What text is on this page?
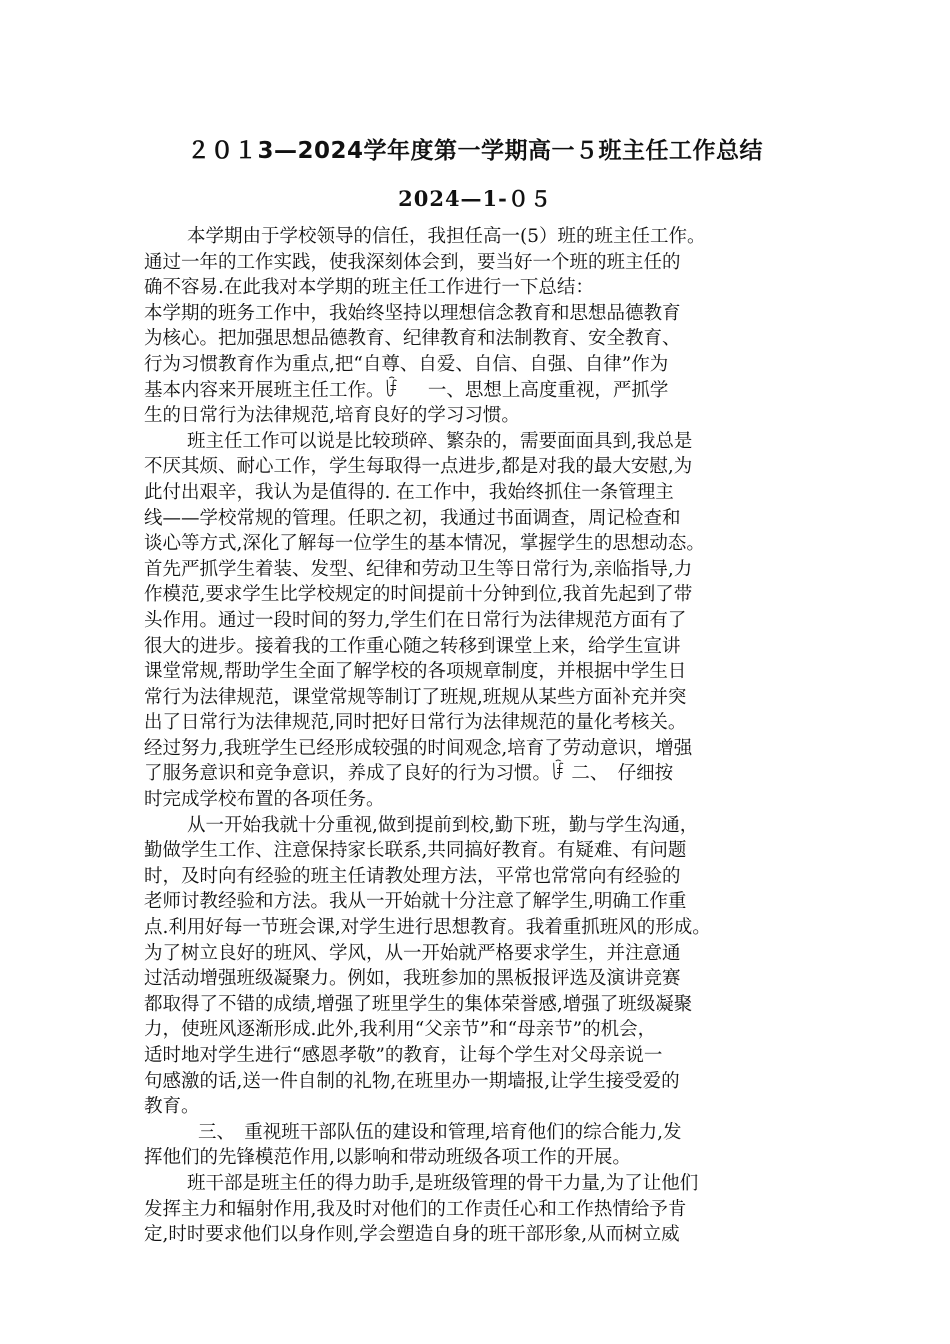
２０１3—2024学年度第一学期高一５班主任工作总结
2024—1-０５
本学期由于学校领导的信任，我担任高一(5）班的班主任工作。
通过一年的工作实践，使我深刻体会到，要当好一个班的班主任的
确不容易.在此我对本学期的班主任工作进行一下总结：
本学期的班务工作中，我始终坚持以理想信念教育和思想品德教育
为核心。把加强思想品德教育、纪律教育和法制教育、安全教育、
行为习惯教育作为重点,把“自尊、自爱、自信、自强、自律”作为
基本内容来开展班主任工作。ꀰ　　一、思想上高度重视，严抓学
生的日常行为法律规范,培育良好的学习习惯。
班主任工作可以说是比较琐碎、繁杂的，需要面面具到,我总是
不厌其烦、耐心工作，学生每取得一点进步,都是对我的最大安慰,为
此付出艰辛，我认为是值得的. 在工作中，我始终抓住一条管理主
线——学校常规的管理。任职之初，我通过书面调查，周记检查和
谈心等方式,深化了解每一位学生的基本情况，掌握学生的思想动态。
首先严抓学生着装、发型、纪律和劳动卫生等日常行为,亲临指导,力
作模范,要求学生比学校规定的时间提前十分钟到位,我首先起到了带
头作用。通过一段时间的努力,学生们在日常行为法律规范方面有了
很大的进步。接着我的工作重心随之转移到课堂上来，给学生宣讲
课堂常规,帮助学生全面了解学校的各项规章制度，并根据中学生日
常行为法律规范，课堂常规等制订了班规,班规从某些方面补充并突
出了日常行为法律规范,同时把好日常行为法律规范的量化考核关。
经过努力,我班学生已经形成较强的时间观念,培育了劳动意识，增强
了服务意识和竞争意识，养成了良好的行为习惯。ꀰ 二、　仔细按
时完成学校布置的各项任务。
从一开始我就十分重视,做到提前到校,勤下班，勤与学生沟通，
勤做学生工作、注意保持家长联系,共同搞好教育。有疑难、有问题
时，及时向有经验的班主任请教处理方法，平常也常常向有经验的
老师讨教经验和方法。我从一开始就十分注意了解学生,明确工作重
点.利用好每一节班会课,对学生进行思想教育。我着重抓班风的形成。
为了树立良好的班风、学风，从一开始就严格要求学生，并注意通
过活动增强班级凝聚力。例如，我班参加的黑板报评选及演讲竞赛
都取得了不错的成绩,增强了班里学生的集体荣誉感,增强了班级凝聚
力，使班风逐渐形成.此外,我利用“父亲节”和“母亲节”的机会，
适时地对学生进行“感恩孝敬”的教育，让每个学生对父母亲说一
句感激的话,送一件自制的礼物,在班里办一期墙报,让学生接受爱的
教育。
三、　重视班干部队伍的建设和管理,培育他们的综合能力,发
挥他们的先锋模范作用,以影响和带动班级各项工作的开展。
班干部是班主任的得力助手,是班级管理的骨干力量,为了让他们
发挥主力和辐射作用,我及时对他们的工作责任心和工作热情给予肯
定,时时要求他们以身作则,学会塑造自身的班干部形象,从而树立威
